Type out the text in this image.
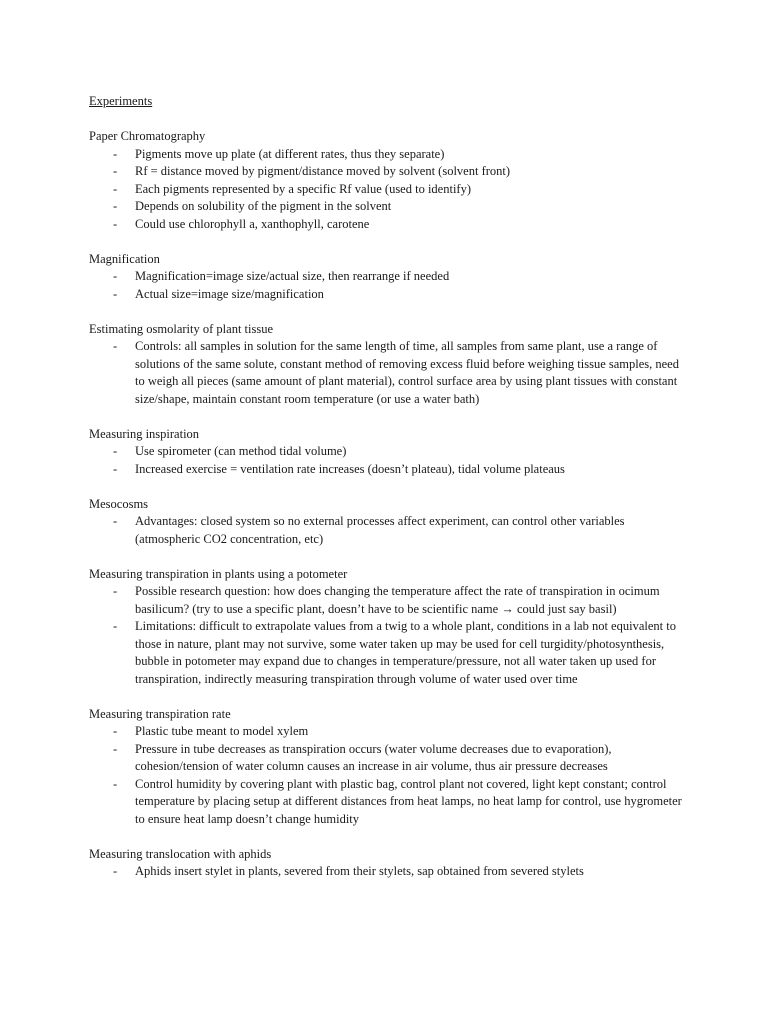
Experiments
Paper Chromatography
- Pigments move up plate (at different rates, thus they separate)
- Rf = distance moved by pigment/distance moved by solvent (solvent front)
- Each pigments represented by a specific Rf value (used to identify)
- Depends on solubility of the pigment in the solvent
- Could use chlorophyll a, xanthophyll, carotene
Magnification
- Magnification=image size/actual size, then rearrange if needed
- Actual size=image size/magnification
Estimating osmolarity of plant tissue
- Controls: all samples in solution for the same length of time, all samples from same plant, use a range of solutions of the same solute, constant method of removing excess fluid before weighing tissue samples, need to weigh all pieces (same amount of plant material), control surface area by using plant tissues with constant size/shape, maintain constant room temperature (or use a water bath)
Measuring inspiration
- Use spirometer (can method tidal volume)
- Increased exercise = ventilation rate increases (doesn’t plateau), tidal volume plateaus
Mesocosms
- Advantages: closed system so no external processes affect experiment, can control other variables (atmospheric CO2 concentration, etc)
Measuring transpiration in plants using a potometer
- Possible research question: how does changing the temperature affect the rate of transpiration in ocimum basilicum? (try to use a specific plant, doesn’t have to be scientific name → could just say basil)
- Limitations: difficult to extrapolate values from a twig to a whole plant, conditions in a lab not equivalent to those in nature, plant may not survive, some water taken up may be used for cell turgidity/photosynthesis, bubble in potometer may expand due to changes in temperature/pressure, not all water taken up used for transpiration, indirectly measuring transpiration through volume of water used over time
Measuring transpiration rate
- Plastic tube meant to model xylem
- Pressure in tube decreases as transpiration occurs (water volume decreases due to evaporation), cohesion/tension of water column causes an increase in air volume, thus air pressure decreases
- Control humidity by covering plant with plastic bag, control plant not covered, light kept constant; control temperature by placing setup at different distances from heat lamps, no heat lamp for control, use hygrometer to ensure heat lamp doesn’t change humidity
Measuring translocation with aphids
- Aphids insert stylet in plants, severed from their stylets, sap obtained from severed stylets
